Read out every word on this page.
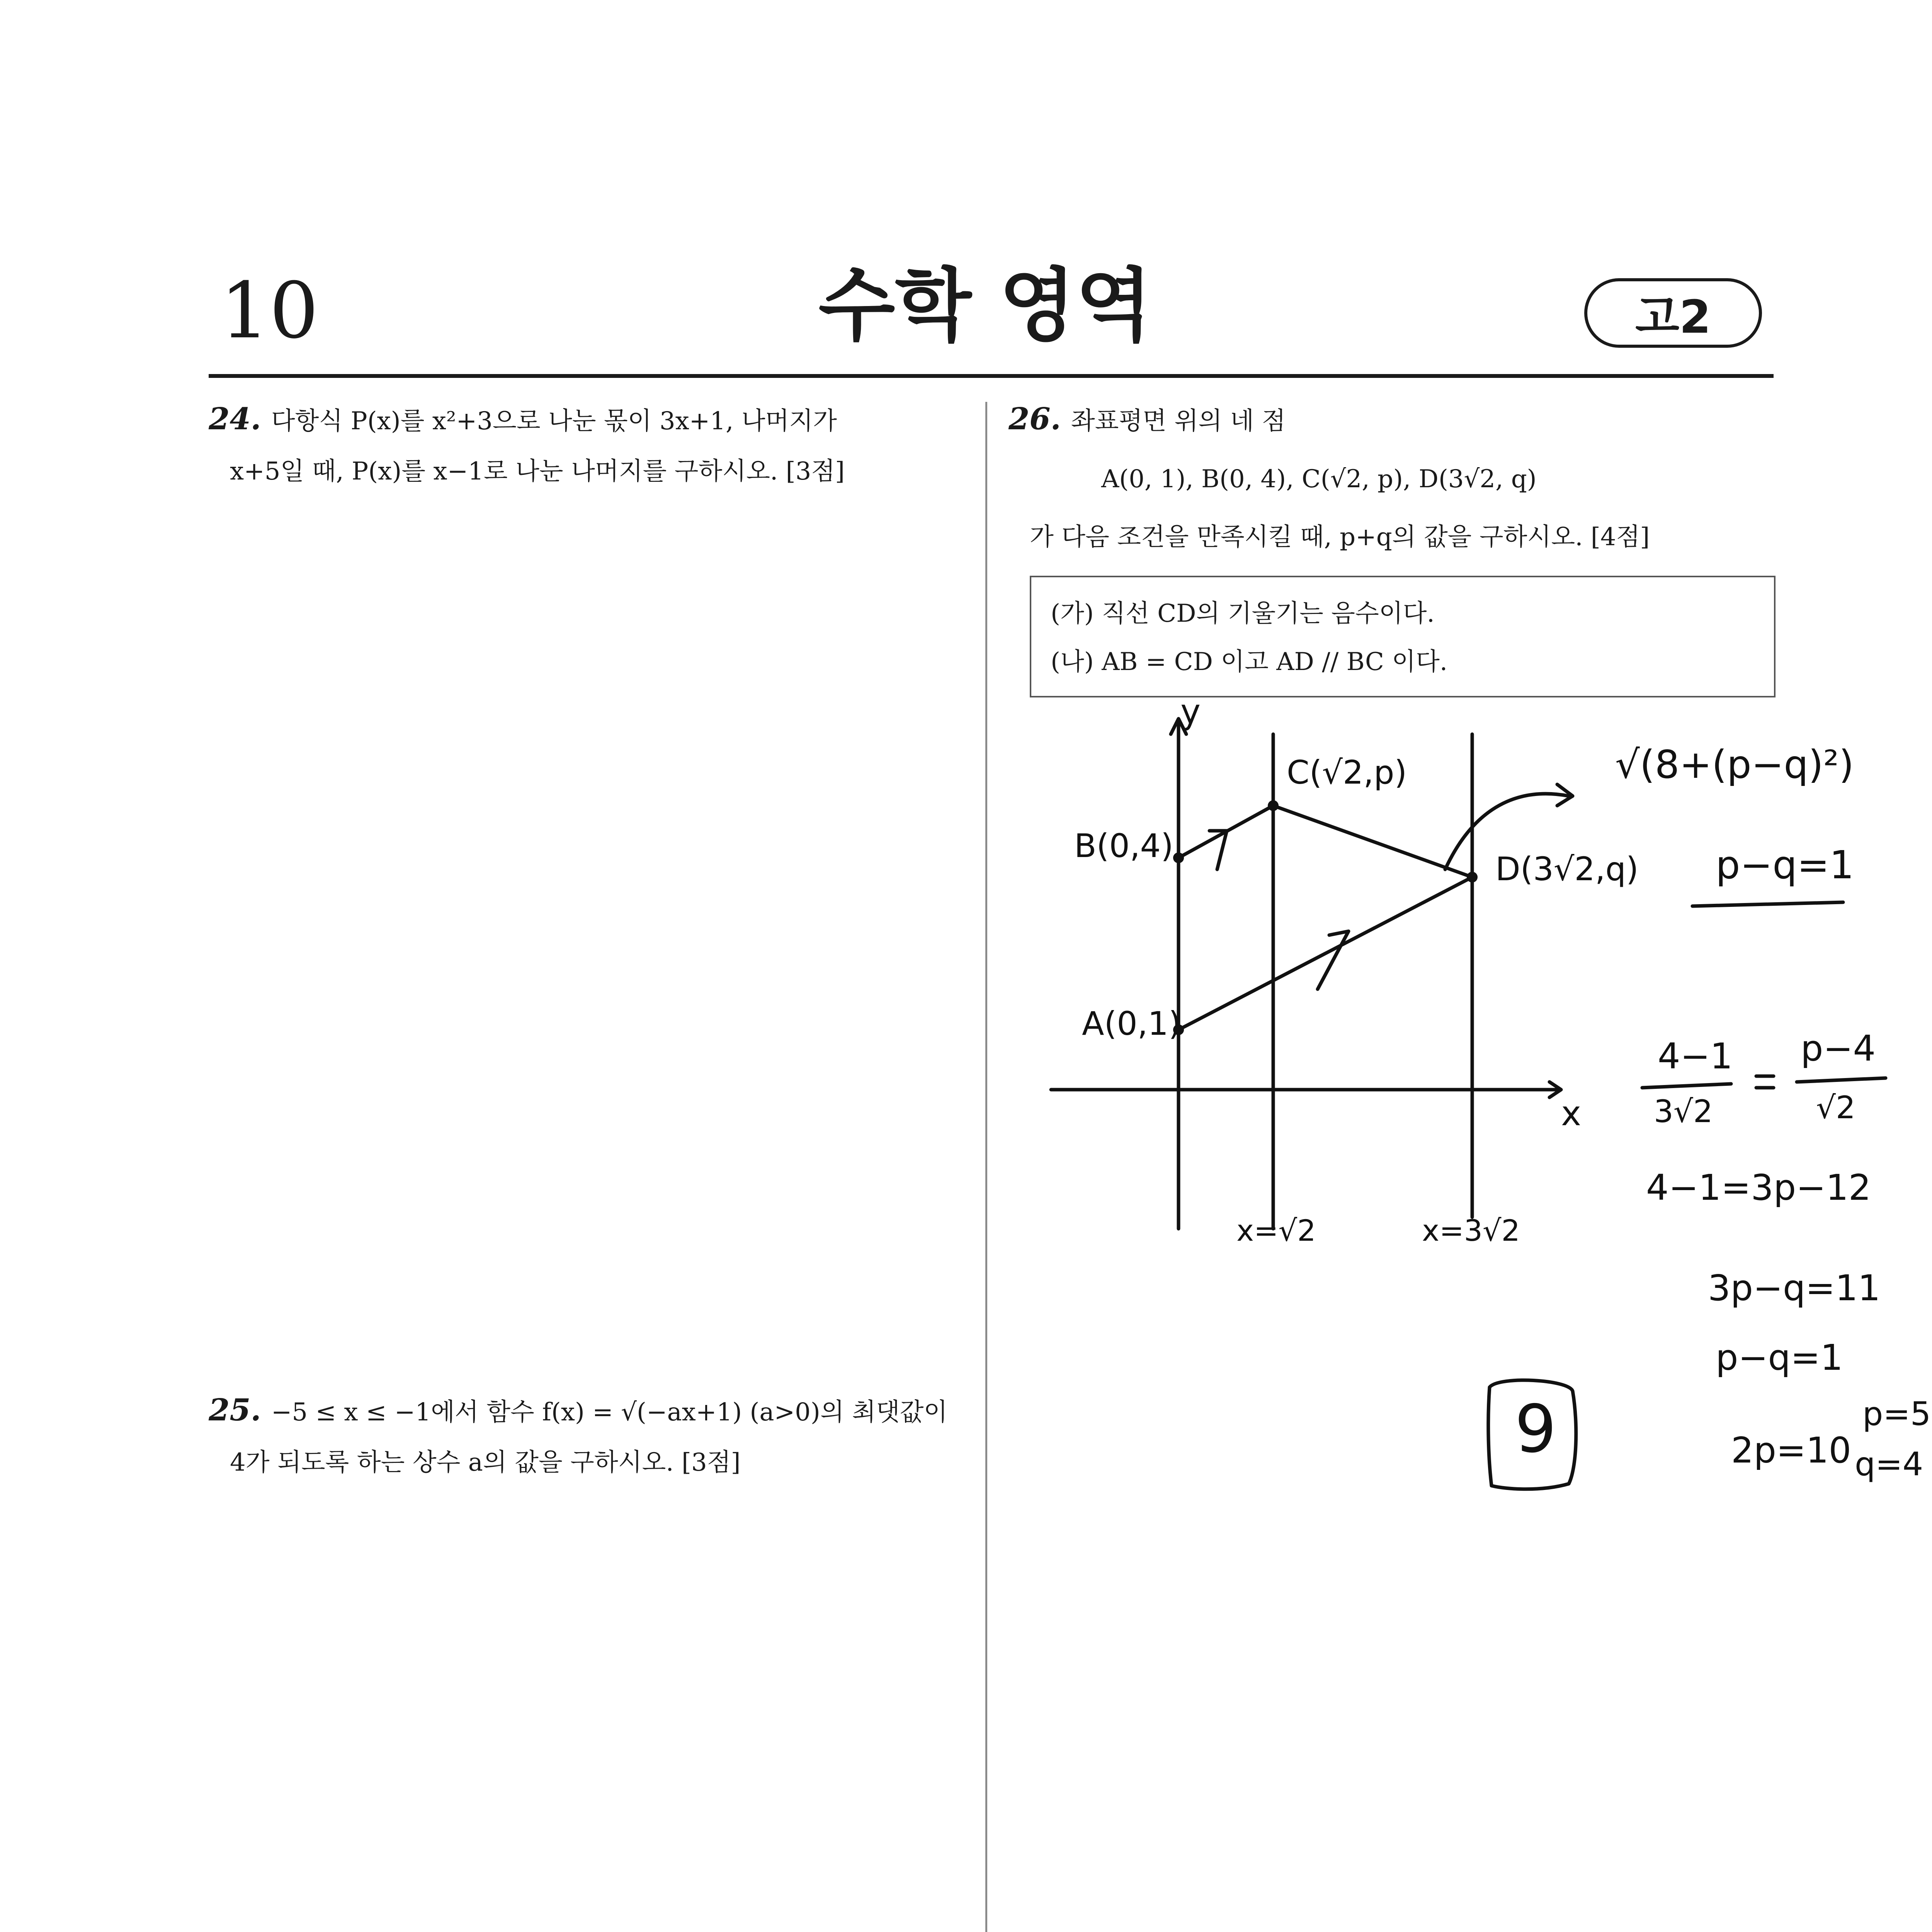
10	수학 영역	고2
24. 다항식 P(x)를 x²+3으로 나눈 몫이 3x+1, 나머지가
x+5일 때, P(x)를 x−1로 나눈 나머지를 구하시오. [3점]
25. −5 ≤ x ≤ −1에서 함수 f(x) = √(−ax+1) (a>0)의 최댓값이
4가 되도록 하는 상수 a의 값을 구하시오. [3점]
26. 좌표평면 위의 네 점
A(0, 1), B(0, 4), C(√2, p), D(3√2, q)
가 다음 조건을 만족시킬 때, p+q의 값을 구하시오. [4점]
(가) 직선 CD의 기울기는 음수이다.
(나) AB = CD 이고 AD // BC 이다.
y
x
B(0,4)
C(√2,p)
D(3√2,q)
A(0,1)
x=√2	x=3√2
√(8+(p−q)²)
p−q=1
4−1
3√2
p−4
√2
4−1=3p−12
3p−q=11
p−q=1
2p=10
p=5
q=4
9
